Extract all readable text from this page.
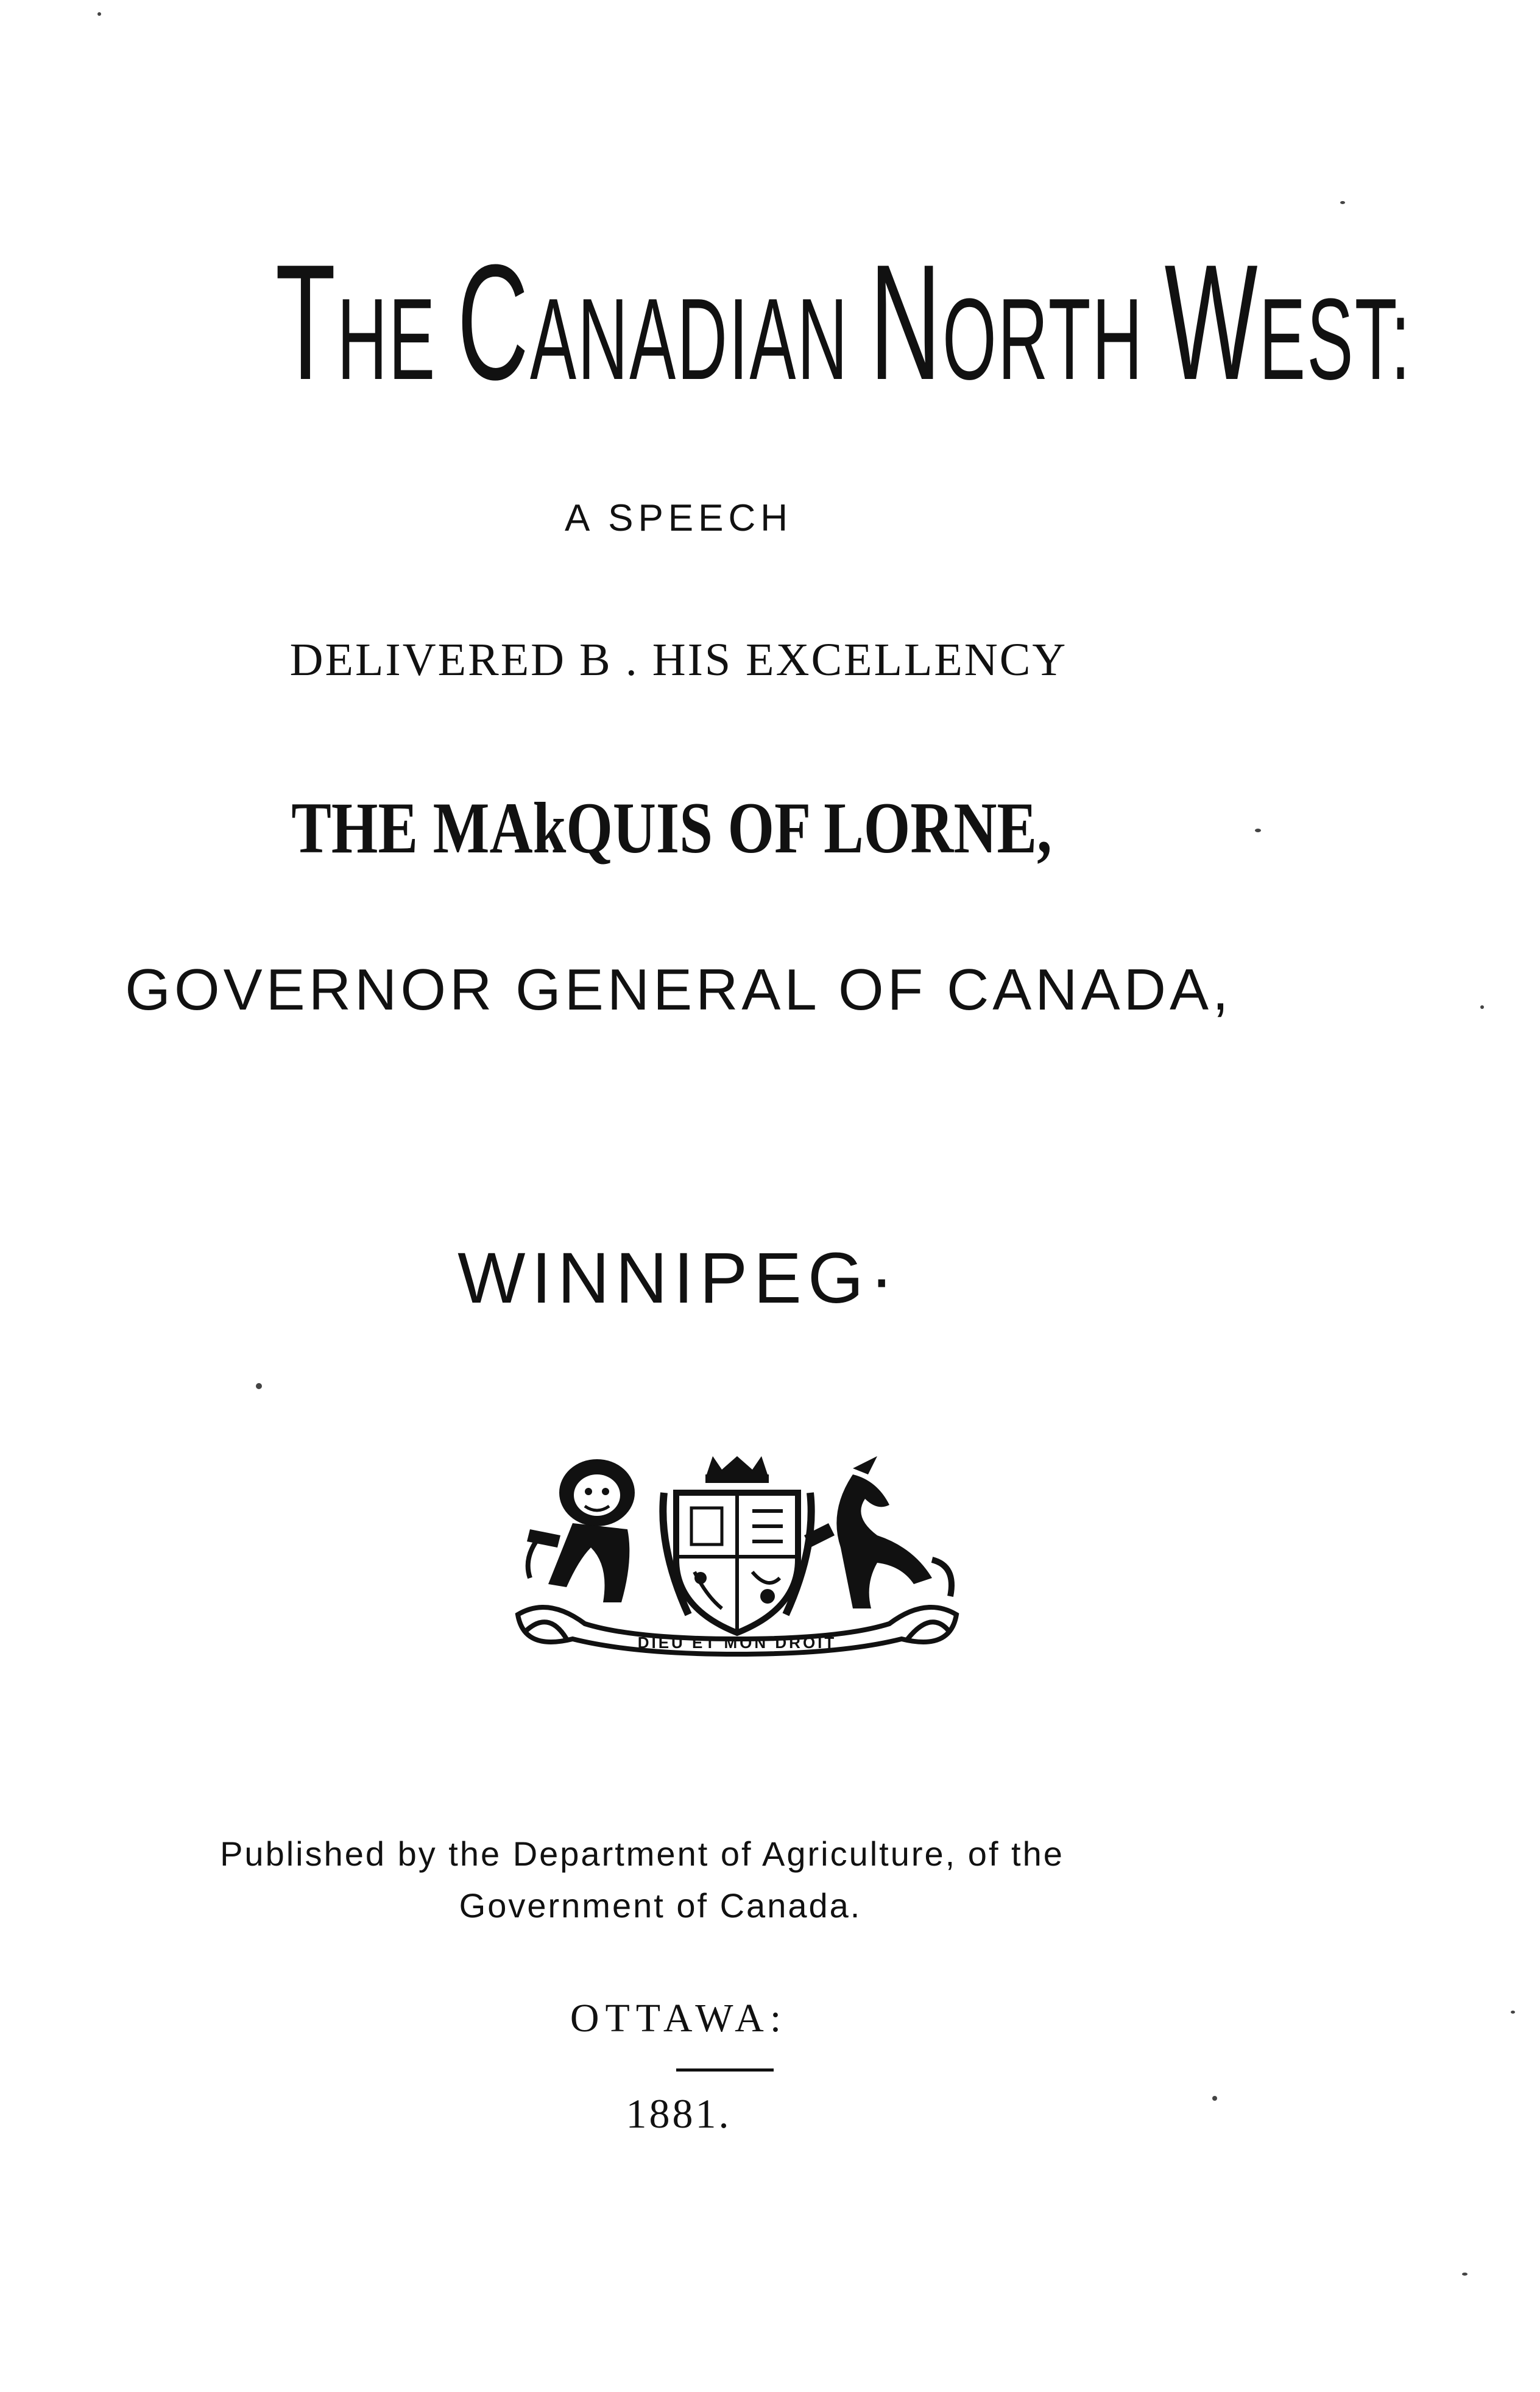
THE CANADIAN NORTH WEST:
A SPEECH
DELIVERED B . HIS EXCELLENCY
THE MAkQUIS OF LORNE,
GOVERNOR GENERAL OF CANADA,
WINNIPEG·
DIEU ET MON DROIT
Published by the Department of Agriculture, of the
Government of Canada.
OTTAWA:
1881.
